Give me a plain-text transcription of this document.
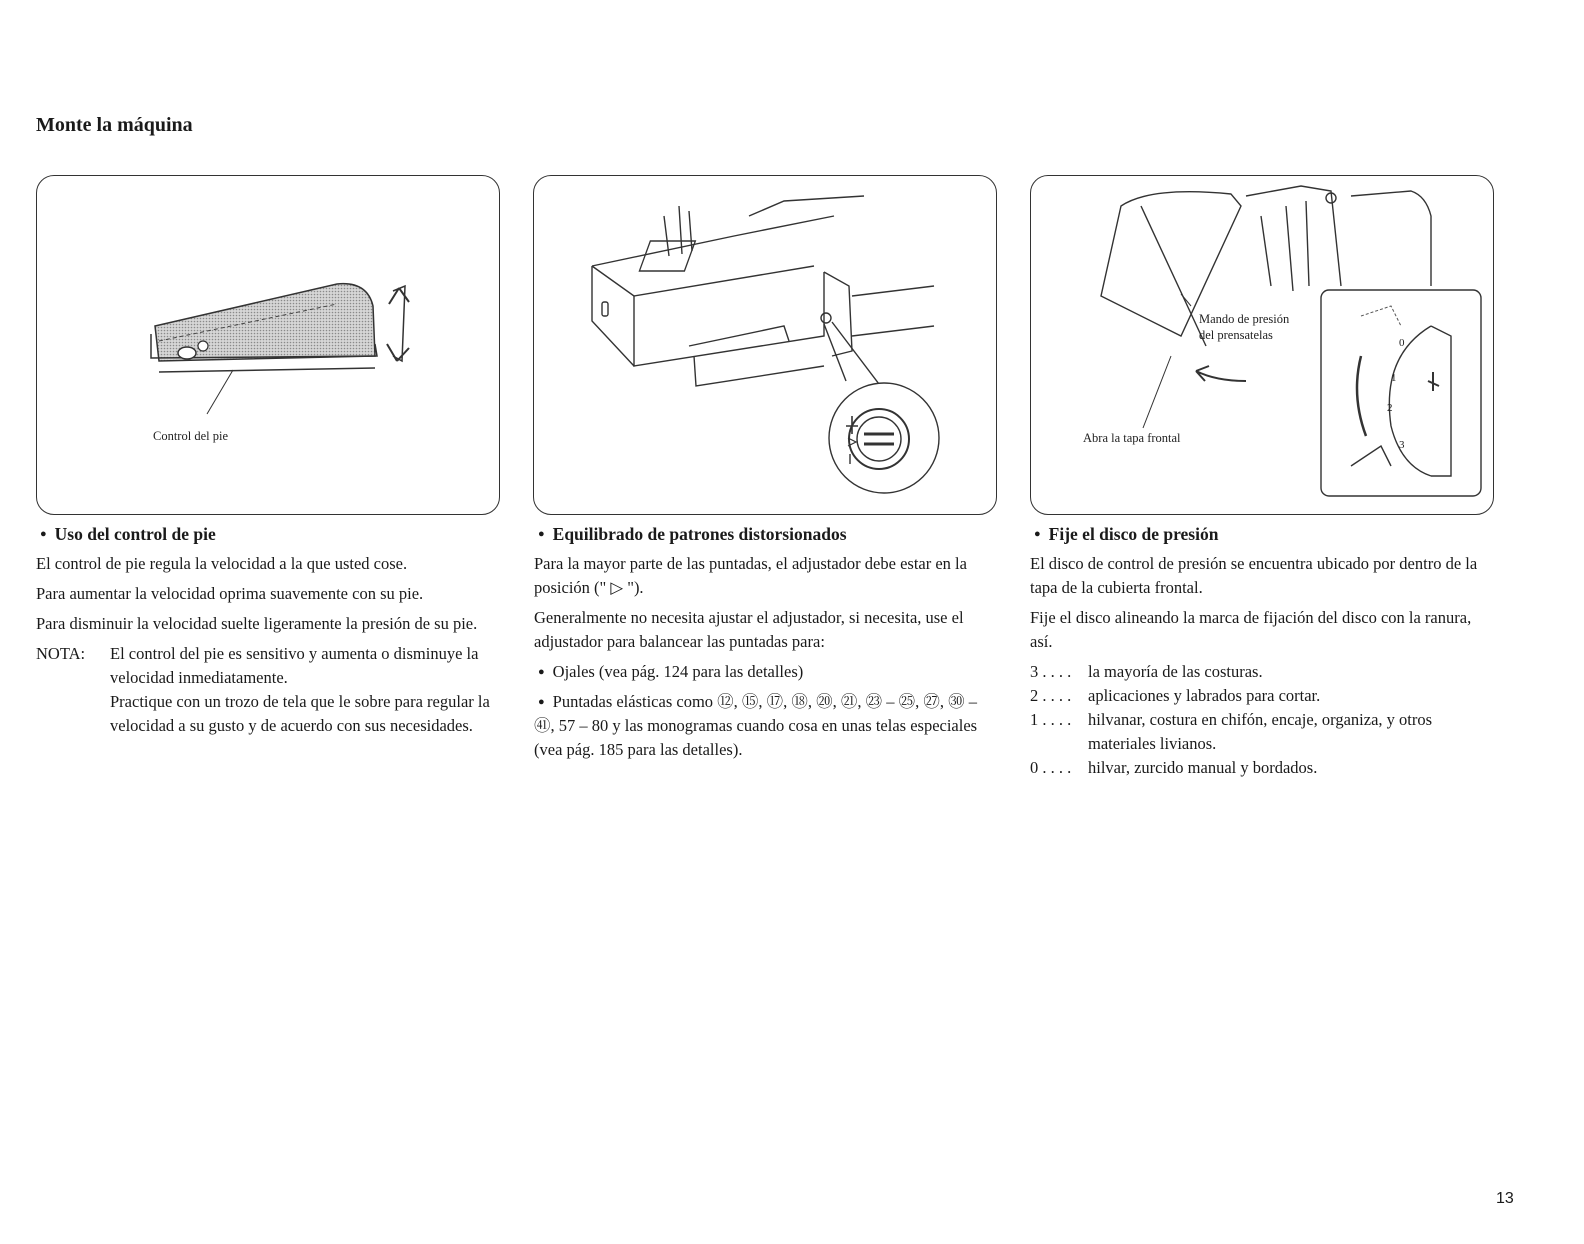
Monte la máquina
Control del pie
Mando de presión
del prensatelas
Abra la tapa frontal
0
1
2
3
● Uso del control de pie

El control de pie regula la velocidad a la que usted cose.

Para aumentar la velocidad oprima suavemente con su pie.

Para disminuir la velocidad suelte ligeramente la presión de su pie.

NOTA:	El control del pie es sensitivo y aumenta o disminuye la velocidad inmediatamente.

Practique con un trozo de tela que le sobre para regular la velocidad a su gusto y de acuerdo con sus necesidades.

● Equilibrado de patrones distorsionados

Para la mayor parte de las puntadas, el adjustador debe estar en la posición (" ▷ ").

Generalmente no necesita ajustar el adjustador, si necesita, use el adjustador para balancear las puntadas para:

● Ojales (vea pág. 124 para las detalles)

● Puntadas elásticas como ⑫, ⑮, ⑰, ⑱, ⑳, ㉑, ㉓ – ㉕, ㉗, ㉚ – ㊶, 57 – 80 y las monogramas cuando cosa en unas telas especiales (vea pág. 185 para las detalles).

● Fije el disco de presión

El disco de control de presión se encuentra ubicado por dentro de la tapa de la cubierta frontal.

Fije el disco alineando la marca de fijación del disco con la ranura, así.

3 . . . .	la mayoría de las costuras.
2 . . . .	aplicaciones y labrados para cortar.
1 . . . .	hilvanar, costura en chifón, encaje, organiza, y otros materiales livianos.
0 . . . .	hilvar, zurcido manual y bordados.
13
